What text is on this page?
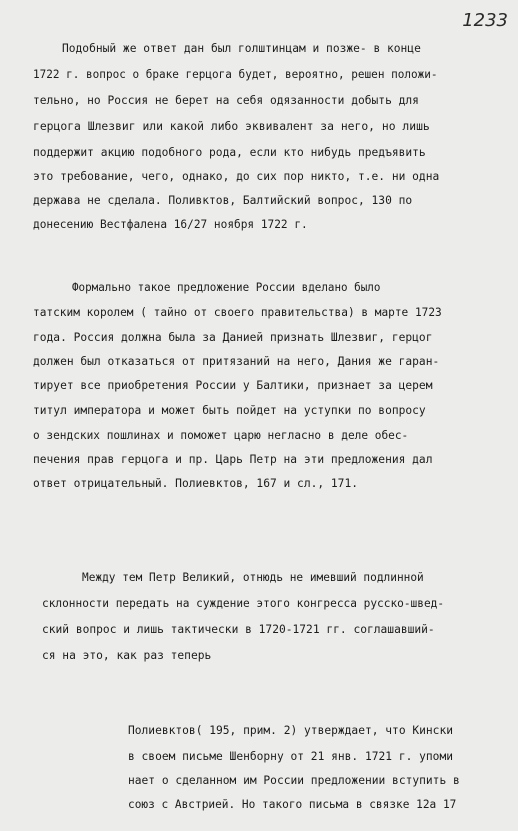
1233
Подобный же ответ дан был голштинцам и позже- в конце
1722 г. вопрос о браке герцога будет, вероятно, решен положи-
тельно, но Россия не берет на себя одязанности добыть для
герцога Шлезвиг или какой либо эквивалент за него, но лишь
поддержит акцию подобного рода, если кто нибудь предъявить
это требование, чего, однако, до сих пор никто, т.е. ни одна
держава не сделала. Поливктов, Балтийский вопрос, 130 по
донесению Вестфалена 16/27 ноября 1722 г.
Формально такое предложение России вделано было
татским королем ( тайно от своего правительства) в марте 1723
года. Россия должна была за Данией признать Шлезвиг, герцог
должен был отказаться от притязаний на него, Дания же гаран-
тирует все приобретения России у Балтики, признает за церем
титул императора и может быть пойдет на уступки по вопросу
о зендских пошлинах и поможет царю негласно в деле обес-
печения прав герцога и пр. Царь Петр на эти предложения дал
ответ отрицательный. Полиевктов, 167 и сл., 171.
Между тем Петр Великий, отнюдь не имевший подлинной
склонности передать на суждение этого конгресса русско-швед-
ский вопрос и лишь тактически в 1720-1721 гг. соглашавший-
ся на это, как раз теперь
Полиевктов( 195, прим. 2) утверждает, что Кински
в своем письме Шенборну от 21 янв. 1721 г. упоми
нает о сделанном им России предложении вступить в
союз с Австрией. Но такого письма в связке 12а 17
